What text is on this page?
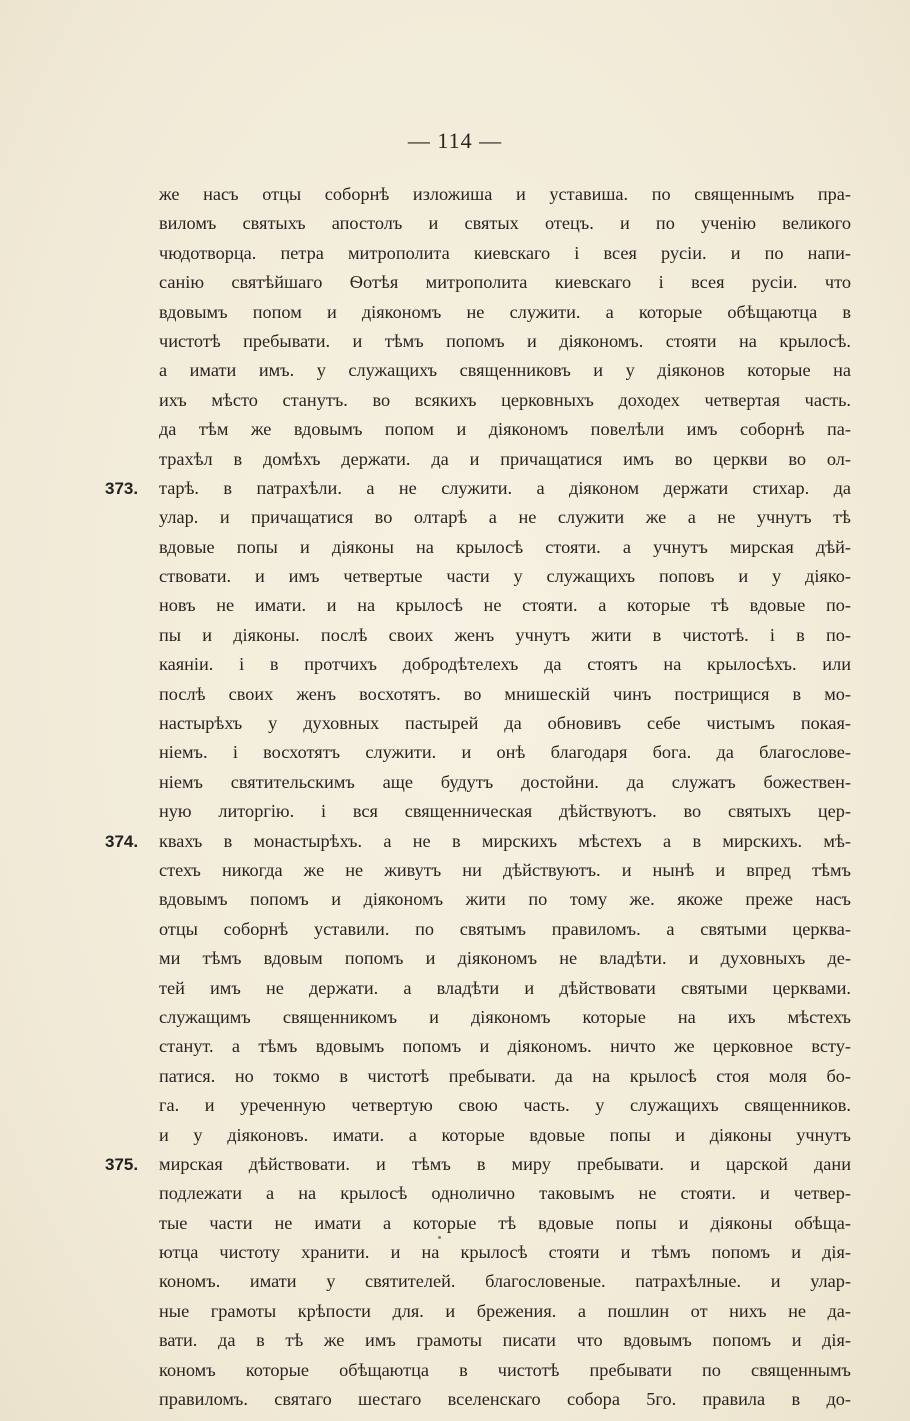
— 114 —
же насъ отцы соборнѣ изложиша и уставиша. по священнымъ пра-
виломъ святыхъ апостолъ и святых отецъ. и по ученію великого
чюдотворца. петра митрополита киевскаго і всея русіи. и по напи-
санію святѣйшаго Ѳотѣя митрополита киевскаго і всея русіи. что
вдовымъ попом и діякономъ не служити. а которые обѣщаютца в
чистотѣ пребывати. и тѣмъ попомъ и діякономъ. стояти на крылосѣ.
а имати имъ. у служащихъ священниковъ и у діяконов которые на
ихъ мѣсто станутъ. во всякихъ церковныхъ доходех четвертая часть.
да тѣм же вдовымъ попом и діякономъ повелѣли имъ соборнѣ па-
трахѣл в домѣхъ держати. да и причащатися имъ во церкви во ол-
тарѣ. в патрахѣли. а не служити. а діяконом держати стихар. да
373.
улар. и причащатися во олтарѣ а не служити же а не учнутъ тѣ
вдовые попы и діяконы на крылосѣ стояти. а учнутъ мирская дѣй-
ствовати. и имъ четвертые части у служащихъ поповъ и у діяко-
новъ не имати. и на крылосѣ не стояти. а которые тѣ вдовые по-
пы и діяконы. послѣ своих женъ учнутъ жити в чистотѣ. і в по-
каяніи. і в протчихъ добродѣтелехъ да стоятъ на крылосѣхъ. или
послѣ своих женъ восхотятъ. во мнишескій чинъ пострищися в мо-
настырѣхъ у духовных пастырей да обновивъ себе чистымъ покая-
ніемъ. і восхотятъ служити. и онѣ благодаря бога. да благослове-
ніемъ святительскимъ аще будутъ достойни. да служатъ божествен-
ную литоргію. і вся священническая дѣйствуютъ. во святыхъ цер-
квахъ в монастырѣхъ. а не в мирскихъ мѣстехъ а в мирскихъ. мѣ-
374.
стехъ никогда же не живутъ ни дѣйствуютъ. и нынѣ и впред тѣмъ
вдовымъ попомъ и діякономъ жити по тому же. якоже преже насъ
отцы соборнѣ уставили. по святымъ правиломъ. а святыми церква-
ми тѣмъ вдовым попомъ и діякономъ не владѣти. и духовныхъ де-
тей имъ не держати. а владѣти и дѣйствовати святыми церквами.
служащимъ священникомъ и діякономъ которые на ихъ мѣстехъ
станут. а тѣмъ вдовымъ попомъ и діякономъ. ничто же церковное всту-
патися. но токмо в чистотѣ пребывати. да на крылосѣ стоя моля бо-
га. и уреченную четвертую свою часть. у служащихъ священников.
и у діяконовъ. имати. а которые вдовые попы и діяконы учнутъ
мирская дѣйствовати. и тѣмъ в миру пребывати. и царской дани
375.
подлежати а на крылосѣ однолично таковымъ не стояти. и четвер-
тые части не имати а которые тѣ вдовые попы и діяконы обѣща-
ютца чистоту хранити. и на крылосѣ стояти и тѣмъ попомъ и дія-
кономъ. имати у святителей. благословеные. патрахѣлные. и улар-
ные грамоты крѣпости для. и брежения. а пошлин от нихъ не да-
вати. да в тѣ же имъ грамоты писати что вдовымъ попомъ и дія-
кономъ которые обѣщаютца в чистотѣ пребывати по священнымъ
правиломъ. святаго шестаго вселенскаго собора 5го. правила в до-
